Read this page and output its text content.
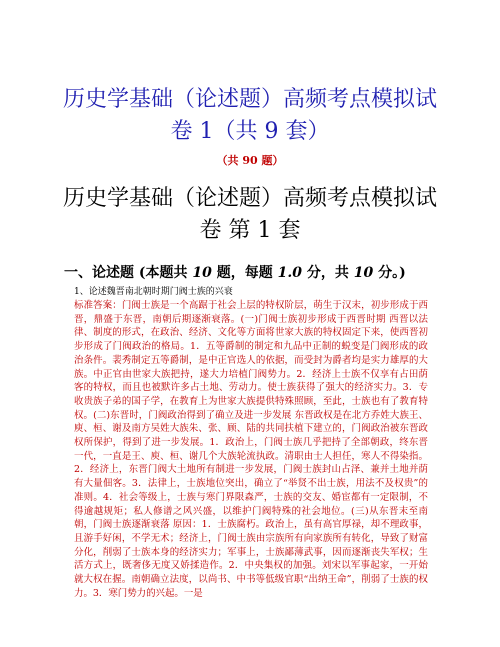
历史学基础（论述题）高频考点模拟试
卷 1（共 9 套）
（共 90 题）
历史学基础（论述题）高频考点模拟试
卷 第 1 套
一、论述题 (本题共 10 题，每题 1.0 分，共 10 分。)
1、论述魏晋南北朝时期门阀士族的兴衰
标准答案：门阀士族是一个高踞于社会上层的特权阶层，萌生于汉末，初步形成于西晋，鼎盛于东晋，南朝后期逐渐衰落。(一)门阀士族初步形成于西晋时期 西晋以法律、制度的形式，在政治、经济、文化等方面将世家大族的特权固定下来，使西晋初步形成了门阀政治的格局。1．五等爵制的制定和九品中正制的蜕变是门阀形成的政治条件。裴秀制定五等爵制，是中正官选人的依据，而受封为爵者均是实力雄厚的大族。中正官由世家大族把持，遂大力培植门阀势力。2．经济上士族不仅享有占田荫客的特权，而且也被默许多占土地、劳动力。使士族获得了强大的经济实力。3．专收贵族子弟的国子学，在教育上为世家大族提供特殊照顾，至此，士族也有了教育特权。(二)东晋时，门阀政治得到了确立及进一步发展 东晋政权是在北方乔姓大族王、庾、桓、谢及南方吴姓大族朱、张、顾、陆的共同扶植下建立的，门阀政治被东晋政权所保护，得到了进一步发展。1．政治上，门阀士族几乎把持了全部朝政，终东晋一代，一直是王、庾、桓、谢几个大族轮流执政。清职由士人担任，寒人不得染指。2．经济上，东晋门阀大土地所有制进一步发展，门阀士族封山占泽、兼并土地并荫有大量佃客。3．法律上，士族地位突出，确立了“举贤不出士族，用法不及权贵”的准则。4．社会等级上，士族与寒门界限森严，士族的交友、婚宦都有一定限制，不得逾越规矩；私人修谱之风兴盛，以维护门阀特殊的社会地位。(三)从东晋末至南朝，门阀士族逐渐衰落 原因：1．士族腐朽。政治上，虽有高官厚禄，却不理政事，且游手好闲，不学无术；经济上，门阀士族由宗族所有向家族所有转化，导致了财富分化，削弱了士族本身的经济实力；军事上，士族鄙薄武事，因而逐渐丧失军权；生活方式上，既奢侈无度又娇揉造作。2．中央集权的加强。刘宋以军事起家，一开始就大权在握。南朝确立法度，以尚书、中书等低级官职“出纳王命”，削弱了士族的权力。3．寒门势力的兴起。一是
